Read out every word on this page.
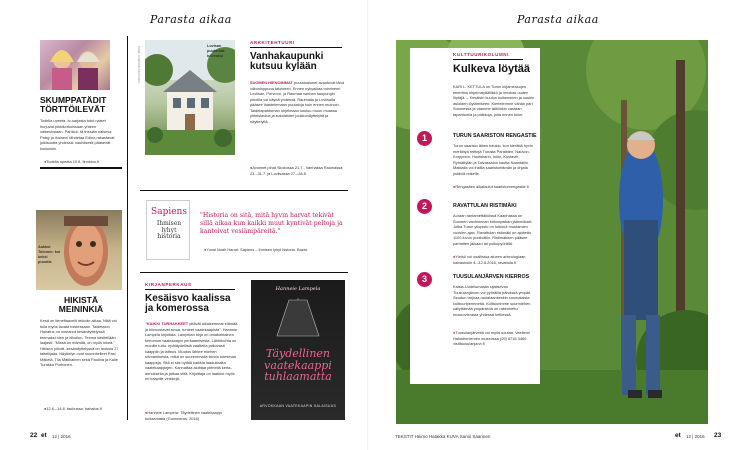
Parasta aikaa
SKUMPPATÄDIT TÖRTTÖILEVÄT
Todella upeeta -tv-sarjasta tutut naiset horjuvat pikkikorkoissaan yhteen vaikeuksiaan. Pahkiot- tä thesiän naiseva Patsy ja ihuiseni tähdetaa Edina rakastavat julkisuutta yhdessä. vauhtisesti pääsevät kuuluisiin.
● Todella upeeta 19.8. finnkino.fi
Aakkoi Tolonen: koi keksi puuolla
HIKISTÄ MEININKIÄ
Kesä on tieneltaavelit tekivän aikaa. Niitä voi tulla myös tavata toistessaan. Taidetalon Hahatus on nostanut kesänäyttelyssä teemaksi hien ja hikoilun. Teema käsitellään laajasti: "Missä on elämää, on myös hikeä." Hikisen pöivät -kesänäyttelyssä on teoksia 27 taiteilijalta. Näyttelyn ovat suunnitelleet Pasi Mäkelä, Tiia Matikainen sekä Paulina ja Kalle Turakka Purhonen.
● 12.6.–14.8. taubussa, hahatus.fi
KUVA: LOVIISAN KAUPUNKI	Lovisan puutarhat tulevaksi
ARKKITEHTUURI
Vanhakaupunki kutsuu kylään
SUOMEN HIENOIMMAT puutaloalueet avautuvat tänä viikonloppuna taloineen. Ennen nykyaikaa toimineen Loviisan, Porvoon, ja Raumaa vanhan kaupungin pihoilla voi käydä yhdessä. Raumalla ja Loviisalla pääsee ihastelemaan puutaloja kuin ennen muinoin. Taidetapahtuman ohjelmaan kuuluu muun muassa yhteislaulua ja sukulasten joukkonäyttelyitä ja näyttelyitä.
● Avoimet pihat Skokossa 21.7., Vanhassa Raumassa 23.–31.7. ja Loviisassa 27.–28.8.
Sapiens
Ihmisen lyhyt historia
"Historia on sitä, mitä hyvin harvat tekivät sillä aikaa kun kaikki muut kyntivät peltoja ja kantoivat vesiämpäreitä."
● Yuval Noah Harari: Sapiens – Ihmisen lyhyt historia. Bazar.
KIRJANPERKAUS
Kesäisvo kaalissa ja komerossa
"KAIKKI TURHAKKEET pitävät aikaisemmat elämää ja kiinnostavat sinua, tunteet vaatekaapista", Hanneie Lampela kirjoittaa. Lampelan kirja on omakohtainen kertomus vaatekaapin perkaamisesta. Lähtökohta on monille tuttu: epätäydellisiä vaatteita jatkuvasti kaappiin ja latteus. Muutos lähtee miehen siivoamisesta, mikä on suuremmalla tavoin toimimaa kaappeja. Sitä ei siis hylätä kaikkia laadukkaita vaatekaappejen. Kannattaa aloittaa pieneltä kerta-annoksella ja jatkaa siitä. Kirjoittaja on laatinut myös eri kaapille vinkkejä.
● Hanneie Lampela: Täydellinen vaatekaappi tuhlaamatta (Gummerus, 2016)
Hanneie Lampela
Täydellinen vaatekaappi tuhlaamatta
ARVOKKAAN VAATEKAAPIN SALAISUUS
22 et 12 | 2016
Parasta aikaa
KULTTUURIKOLUMNI
Kulkeva löytää
KARI L. KETTULA on Turun kirjamessujen emeritus ohjelmapäällikkö ja innokas uuden löytäjä. – Kesäisin kuulun kulkeminen ja uusien asioiden löytämiseen. Kiertelemme vähän pari Suomessa ja otamme tällöinkin vastaan tapahtumia ja paikkoja, joita ennen tuine.
1	TURUN SAARISTON RENGASTIE
Turun saaristo lähes tutuksi, kun kierättä hyvin merkittyä reittejä Turusta Paraisten, Nauvon, Korppoon, Houtskarin, Iniön, Kustavin, Rymättylän ja Taivassalon kautta Naantaliin. Matkalla voi ihailla saaristoelämän ja ohjata ystäviä retkelle.
● Rengastien aikataulut saaristonrengastie.fi
2	RAVATTULAN RISTIMÄKI
Auraan rantamettäikössä Kaarinassa on Suomen vanhimman kirkonpaikan jäännökset. Jotka Turun yliopisto on tutkinut muutamien vuosien ajan. Ravattulan ristimäki on ajoitettu 1100-luvun puoliväliin. Ristimäkeen pääsee parhaiten jalkaan tai polkupyörällä.
● Yleisö voi osallistua alueen arkeologiaan kaivauksiin 4.–12.8.2016, ravattula.fi
3	TUUSULANJÄRVEN KIERROS
Kaisla-Uudelumaalla sijaitsevan Tuusulanjärven voi pyöräillä päivässä ympäri. Seudun tarjoaa rautalaankeskin suomalaista kulttuuriperinnettä. Kulttuurimme suurmiehen säilyttämää ympäristöä on rakennettu museovierasta yhdessä hetkessä.
● Tuusulanjärveltä voi myös soutaa. Vaellerei Halosenniemen museossa (09) 8718 3460. visittuusulanjarvi.fi
TEKSTIT Heimo Hatakka KUVA Sanni Saarinen	et 12 | 2016 23
